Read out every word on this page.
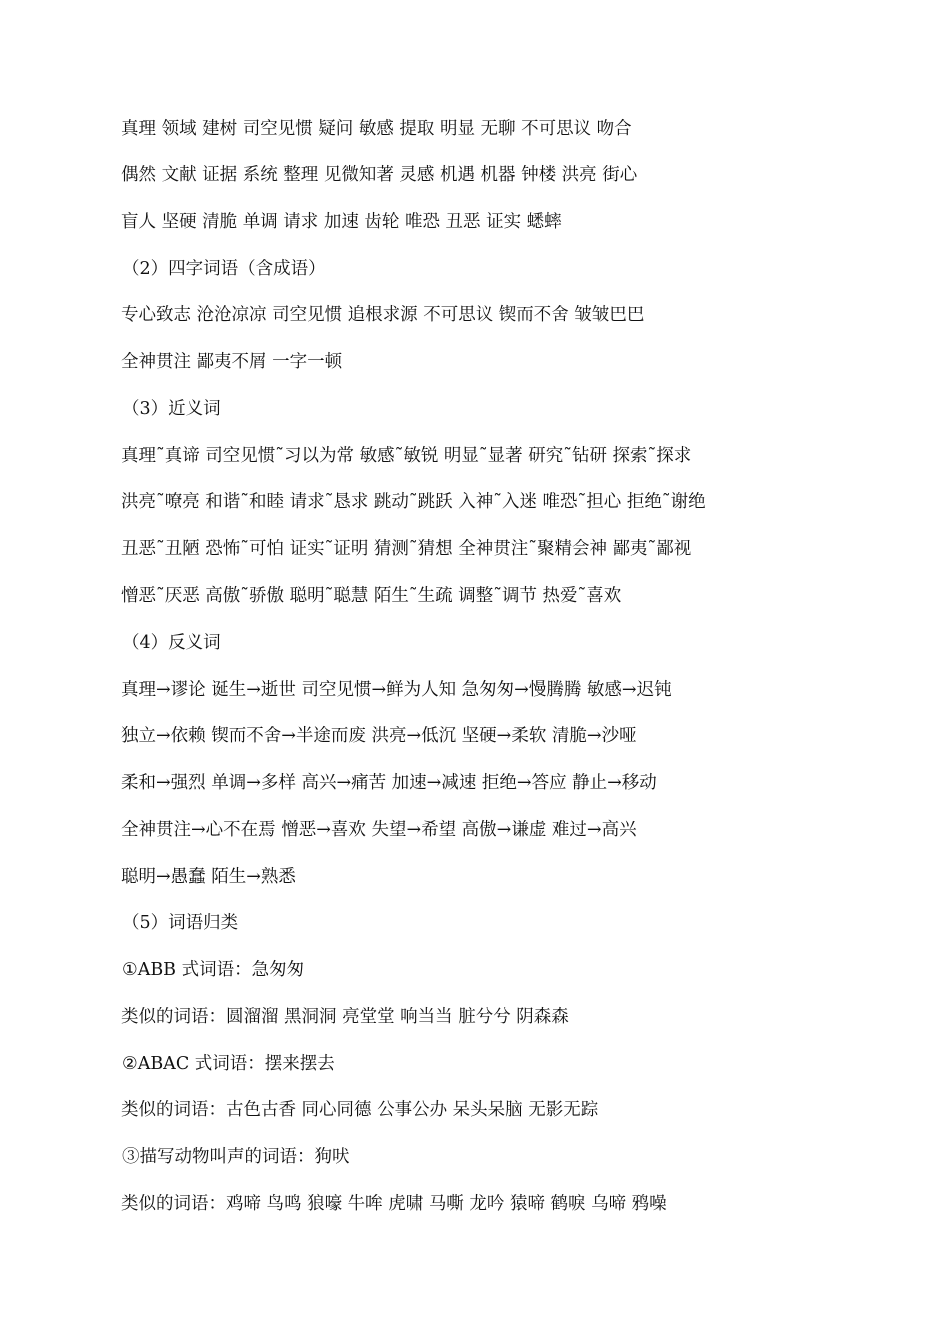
真理 领域 建树 司空见惯 疑问 敏感 提取 明显 无聊 不可思议 吻合
偶然 文献 证据 系统 整理 见微知著 灵感 机遇 机器 钟楼 洪亮 街心
盲人 坚硬 清脆 单调 请求 加速 齿轮 唯恐 丑恶 证实 蟋蟀
（2）四字词语（含成语）
专心致志 沧沧凉凉 司空见惯 追根求源 不可思议 锲而不舍 皱皱巴巴
全神贯注 鄙夷不屑 一字一顿
（3）近义词
真理˜真谛 司空见惯˜习以为常 敏感˜敏锐 明显˜显著 研究˜钻研 探索˜探求
洪亮˜嘹亮 和谐˜和睦 请求˜恳求 跳动˜跳跃 入神˜入迷 唯恐˜担心 拒绝˜谢绝
丑恶˜丑陋 恐怖˜可怕 证实˜证明 猜测˜猜想 全神贯注˜聚精会神 鄙夷˜鄙视
憎恶˜厌恶 高傲˜骄傲 聪明˜聪慧 陌生˜生疏 调整˜调节 热爱˜喜欢
（4）反义词
真理→谬论 诞生→逝世 司空见惯→鲜为人知 急匆匆→慢腾腾 敏感→迟钝
独立→依赖 锲而不舍→半途而废 洪亮→低沉 坚硬→柔软 清脆→沙哑
柔和→强烈 单调→多样 高兴→痛苦 加速→减速 拒绝→答应 静止→移动
全神贯注→心不在焉 憎恶→喜欢 失望→希望 高傲→谦虚 难过→高兴
聪明→愚蠢 陌生→熟悉
（5）词语归类
①ABB 式词语：急匆匆
类似的词语：圆溜溜 黑洞洞 亮堂堂 响当当 脏兮兮 阴森森
②ABAC 式词语：摆来摆去
类似的词语：古色古香 同心同德 公事公办 呆头呆脑 无影无踪
③描写动物叫声的词语：狗吠
类似的词语：鸡啼 鸟鸣 狼嚎 牛哞 虎啸 马嘶 龙吟 猿啼 鹤唳 乌啼 鸦噪
